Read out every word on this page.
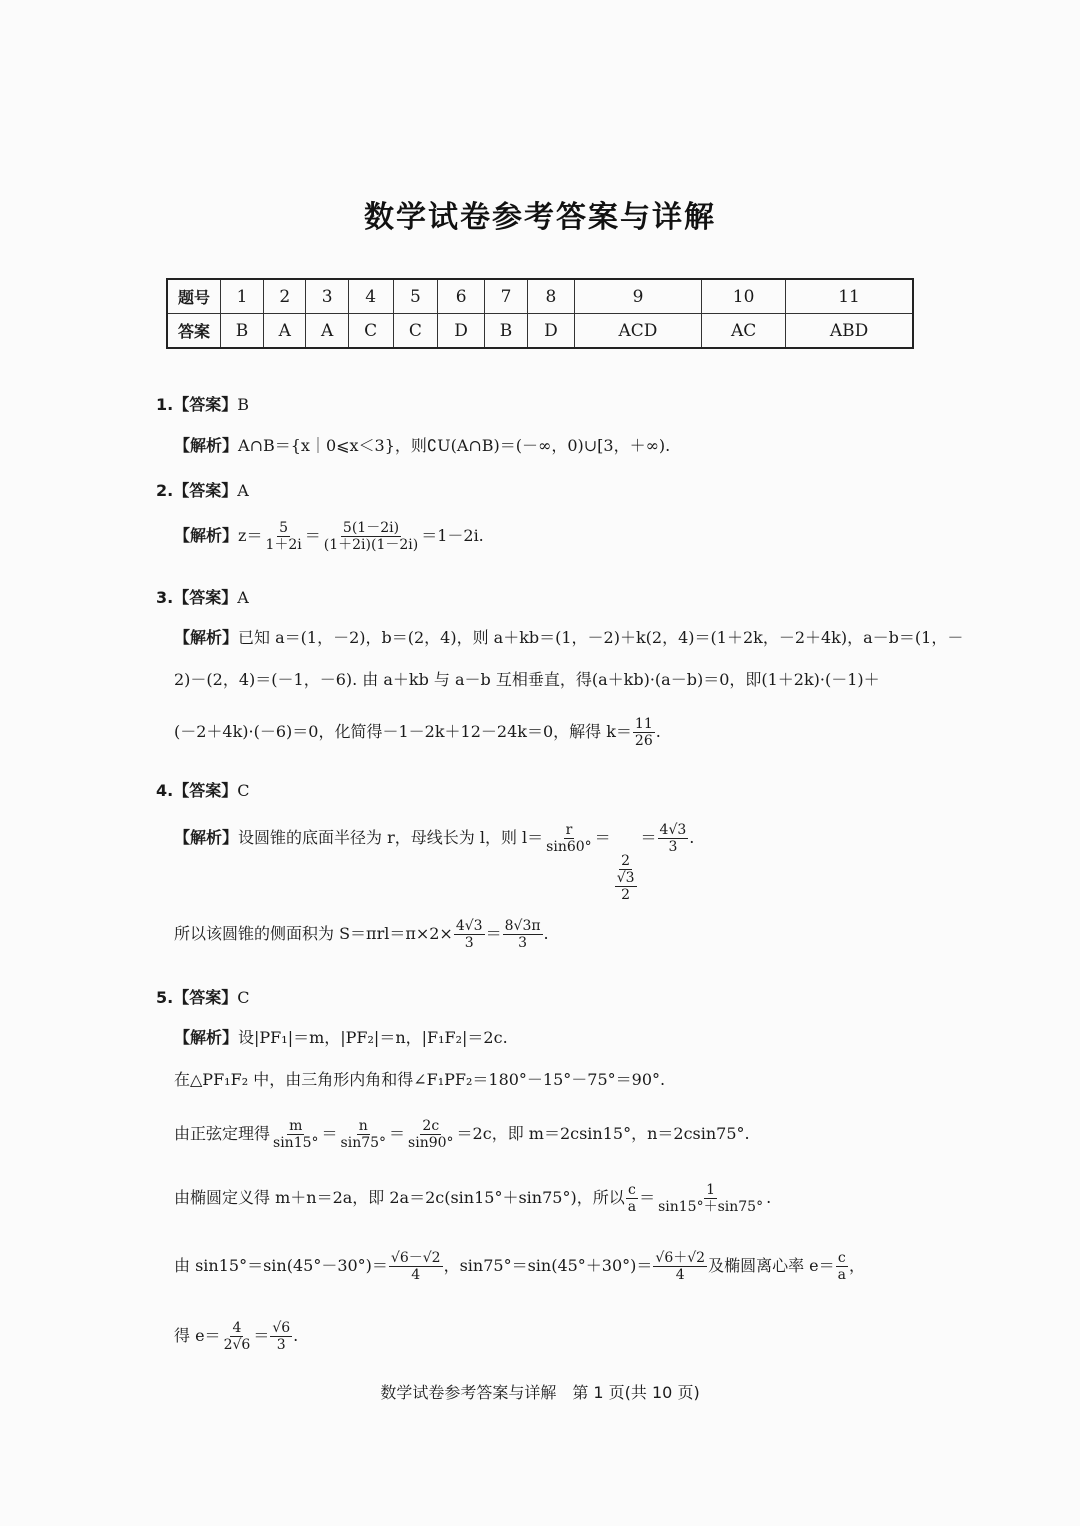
数学试卷参考答案与详解
题号	1	2	3	4	5	6	7	8	9	10	11
答案	B	A	A	C	C	D	B	D	ACD	AC	ABD
1.【答案】B
【解析】A∩B＝{x｜0⩽x＜3}，则∁U(A∩B)＝(－∞，0)∪[3，＋∞).
2.【答案】A
【解析】$z= \frac{5}{1+2i} = \frac{5(1-2i)}{(1+2i)(1-2i)} =1-2i$.
3.【答案】A
【解析】已知 a＝(1，－2)，b＝(2，4)，则 a＋kb＝(1，－2)＋k(2，4)＝(1＋2k，－2＋4k)，a－b＝(1，－
2)－(2，4)＝(－1，－6). 由 a＋kb 与 a－b 互相垂直，得(a＋kb)·(a－b)＝0，即(1＋2k)·(－1)＋
(－2＋4k)·(－6)＝0，化简得－1－2k＋12－24k＝0，解得 $k= \frac{11}{26}$ .
4.【答案】C
【解析】设圆锥的底面半径为 r，母线长为 l，则 $l= \frac{r}{\sin 60^\circ}$ ＝
$\frac{2}{\frac{√3}{2}}$
＝ $\frac{4√3}{3}$ .
所以该圆锥的侧面积为 $S=\pi rl=\pi\times 2\times \frac{4√3}{3} = \frac{8√3\pi}{3}$ .
5.【答案】C
【解析】设|PF₁|＝m，|PF₂|＝n，|F₁F₂|＝2c.
在△PF₁F₂ 中，由三角形内角和得∠F₁PF₂＝180°－15°－75°＝90°.
由正弦定理得 $\frac{m}{\sin 15^\circ} = \frac{n}{\sin 75^\circ} = \frac{2c}{\sin 90^\circ} =2c$，即 m＝2csin15°，n＝2csin75°.
由椭圆定义得 m＋n＝2a，即 2a＝2c(sin15°＋sin75°)，所以 $\frac{c}{a} = \frac{1}{\sin 15^\circ+\sin 75^\circ}$ .
由 $\sin 15^\circ=\sin(45^\circ-30^\circ)= \frac{√6-√2}{4}$ ，$\sin 75^\circ=\sin(45^\circ+30^\circ)= \frac{√6+√2}{4}$ 及椭圆离心率 $e= \frac{c}{a}$ ，
得 $e= \frac{4}{2√6} = \frac{√6}{3}$ .
数学试卷参考答案与详解　第 1 页(共 10 页)
